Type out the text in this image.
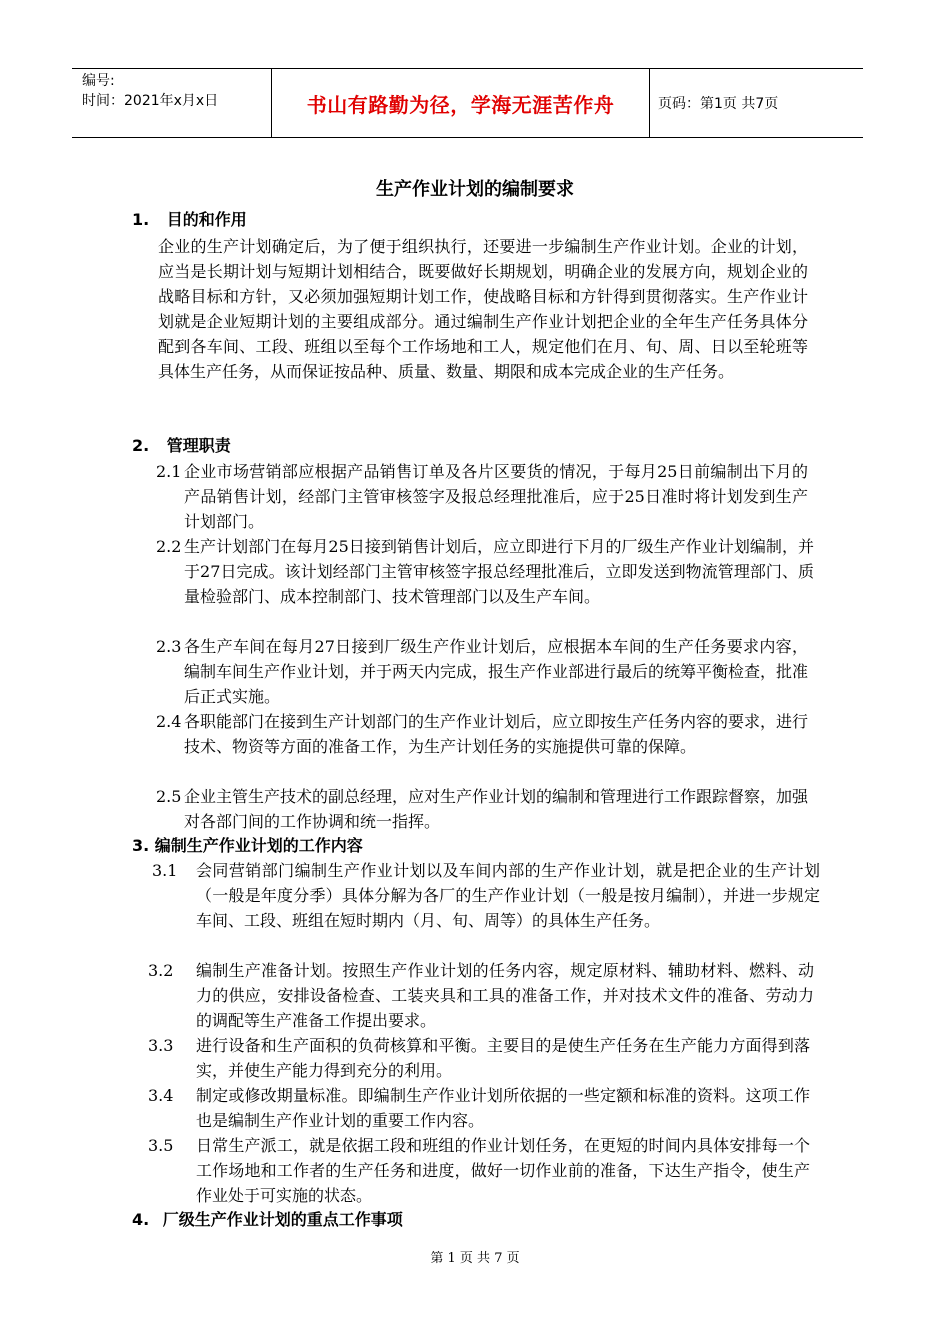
编号:
时间：2021年x月x日	书山有路勤为径，学海无涯苦作舟	页码：第1页 共7页
生产作业计划的编制要求
1. 目的和作用
企业的生产计划确定后，为了便于组织执行，还要进一步编制生产作业计划。企业的计划，应当是长期计划与短期计划相结合，既要做好长期规划，明确企业的发展方向，规划企业的战略目标和方针，又必须加强短期计划工作，使战略目标和方针得到贯彻落实。生产作业计划就是企业短期计划的主要组成部分。通过编制生产作业计划把企业的全年生产任务具体分配到各车间、工段、班组以至每个工作场地和工人，规定他们在月、旬、周、日以至轮班等具体生产任务，从而保证按品种、质量、数量、期限和成本完成企业的生产任务。
2. 管理职责
2.1 企业市场营销部应根据产品销售订单及各片区要货的情况，于每月25日前编制出下月的产品销售计划，经部门主管审核签字及报总经理批准后，应于25日准时将计划发到生产计划部门。
2.2 生产计划部门在每月25日接到销售计划后，应立即进行下月的厂级生产作业计划编制，并于27日完成。该计划经部门主管审核签字报总经理批准后，立即发送到物流管理部门、质量检验部门、成本控制部门、技术管理部门以及生产车间。
2.3 各生产车间在每月27日接到厂级生产作业计划后，应根据本车间的生产任务要求内容，编制车间生产作业计划，并于两天内完成，报生产作业部进行最后的统筹平衡检查，批准后正式实施。
2.4 各职能部门在接到生产计划部门的生产作业计划后，应立即按生产任务内容的要求，进行技术、物资等方面的准备工作，为生产计划任务的实施提供可靠的保障。
2.5 企业主管生产技术的副总经理，应对生产作业计划的编制和管理进行工作跟踪督察，加强对各部门间的工作协调和统一指挥。
3. 编制生产作业计划的工作内容
3.1	会同营销部门编制生产作业计划以及车间内部的生产作业计划，就是把企业的生产计划（一般是年度分季）具体分解为各厂的生产作业计划（一般是按月编制），并进一步规定车间、工段、班组在短时期内（月、旬、周等）的具体生产任务。
3.2	编制生产准备计划。按照生产作业计划的任务内容，规定原材料、辅助材料、燃料、动力的供应，安排设备检查、工装夹具和工具的准备工作，并对技术文件的准备、劳动力的调配等生产准备工作提出要求。
3.3	进行设备和生产面积的负荷核算和平衡。主要目的是使生产任务在生产能力方面得到落实，并使生产能力得到充分的利用。
3.4	制定或修改期量标准。即编制生产作业计划所依据的一些定额和标准的资料。这项工作也是编制生产作业计划的重要工作内容。
3.5	日常生产派工，就是依据工段和班组的作业计划任务，在更短的时间内具体安排每一个工作场地和工作者的生产任务和进度，做好一切作业前的准备，下达生产指令，使生产作业处于可实施的状态。
4. 厂级生产作业计划的重点工作事项
第 1 页 共 7 页
